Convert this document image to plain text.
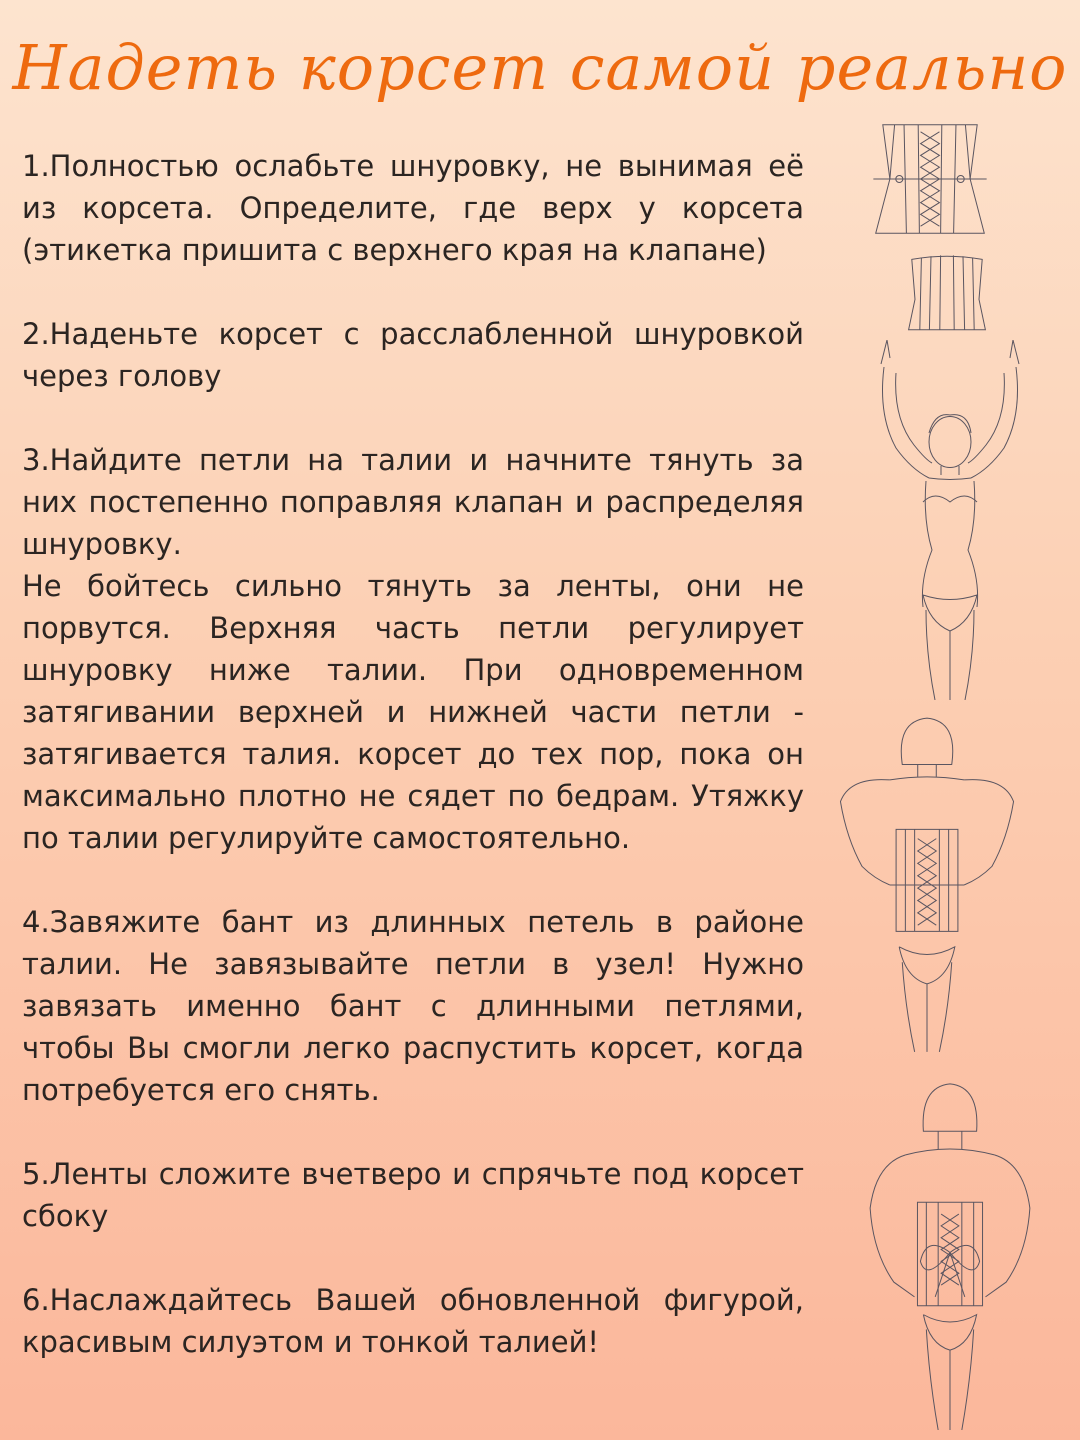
Надеть корсет самой реально

1.Полностью ослабьте шнуровку, не вынимая её из корсета. Определите, где верх у корсета (этикетка пришита с верхнего края на клапане)

2.Наденьте корсет с расслабленной шнуровкой через голову

3.Найдите петли на талии и начните тянуть за них постепенно поправляя клапан и распределяя шнуровку.

Не бойтесь сильно тянуть за ленты, они не порвутся. Верхняя часть петли регулирует шнуровку ниже талии. При одновременном затягивании верхней и нижней части петли - затягивается талия. корсет до тех пор, пока он максимально плотно не сядет по бедрам. Утяжку по талии регулируйте самостоятельно.

4.Завяжите бант из длинных петель в районе талии. Не завязывайте петли в узел! Нужно завязать именно бант с длинными петлями, чтобы Вы смогли легко распустить корсет, когда потребуется его снять.

5.Ленты сложите вчетверо и спрячьте под корсет сбоку

6.Наслаждайтесь Вашей обновленной фигурой, красивым силуэтом и тонкой талией!
